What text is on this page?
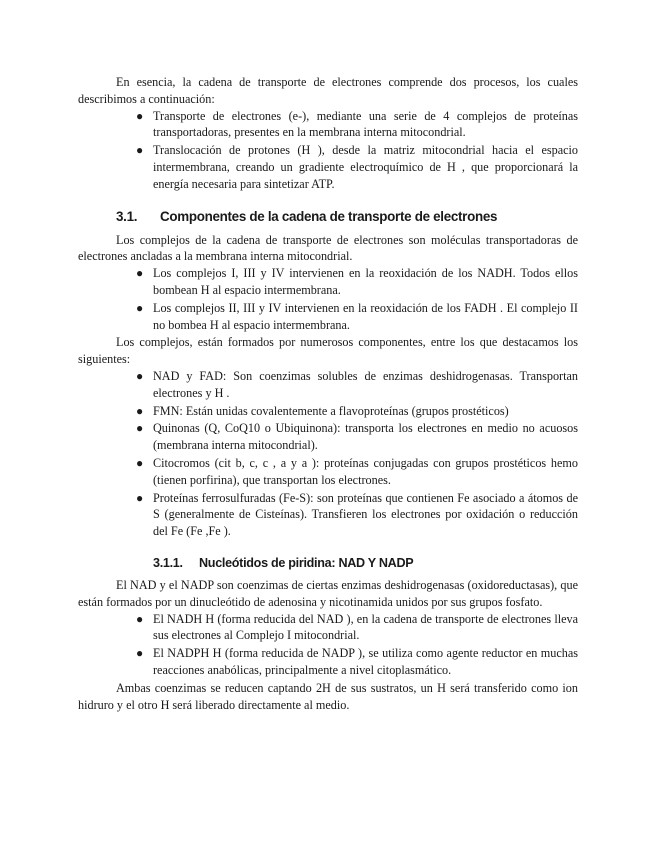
En esencia, la cadena de transporte de electrones comprende dos procesos, los cuales describimos a continuación:

● Transporte de electrones (e-), mediante una serie de 4 complejos de proteínas transportadoras, presentes en la membrana interna mitocondrial.
● Translocación de protones (H ), desde la matriz mitocondrial hacia el espacio intermembrana, creando un gradiente electroquímico de H , que proporcionará la energía necesaria para sintetizar ATP.
3.1. Componentes de la cadena de transporte de electrones

Los complejos de la cadena de transporte de electrones son moléculas transportadoras de electrones ancladas a la membrana interna mitocondrial.

● Los complejos I, III y IV intervienen en la reoxidación de los NADH. Todos ellos bombean H al espacio intermembrana.
● Los complejos II, III y IV intervienen en la reoxidación de los FADH . El complejo II no bombea H al espacio intermembrana.

Los complejos, están formados por numerosos componentes, entre los que destacamos los siguientes:

● NAD y FAD: Son coenzimas solubles de enzimas deshidrogenasas. Transportan electrones y H .
● FMN: Están unidas covalentemente a flavoproteínas (grupos prostéticos)
● Quinonas (Q, CoQ10 o Ubiquinona): transporta los electrones en medio no acuosos (membrana interna mitocondrial).
● Citocromos (cit b, c, c , a y a ): proteínas conjugadas con grupos prostéticos hemo (tienen porfirina), que transportan los electrones.
● Proteínas ferrosulfuradas (Fe-S): son proteínas que contienen Fe asociado a átomos de S (generalmente de Cisteínas). Transfieren los electrones por oxidación o reducción del Fe (Fe ,Fe ).
3.1.1. Nucleótidos de piridina: NAD Y NADP

El NAD y el NADP son coenzimas de ciertas enzimas deshidrogenasas (oxidoreductasas), que están formados por un dinucleótido de adenosina y nicotinamida unidos por sus grupos fosfato.

● El NADH H (forma reducida del NAD ), en la cadena de transporte de electrones lleva sus electrones al Complejo I mitocondrial.
● El NADPH H (forma reducida de NADP ), se utiliza como agente reductor en muchas reacciones anabólicas, principalmente a nivel citoplasmático.

Ambas coenzimas se reducen captando 2H de sus sustratos, un H será transferido como ion hidruro y el otro H será liberado directamente al medio.
